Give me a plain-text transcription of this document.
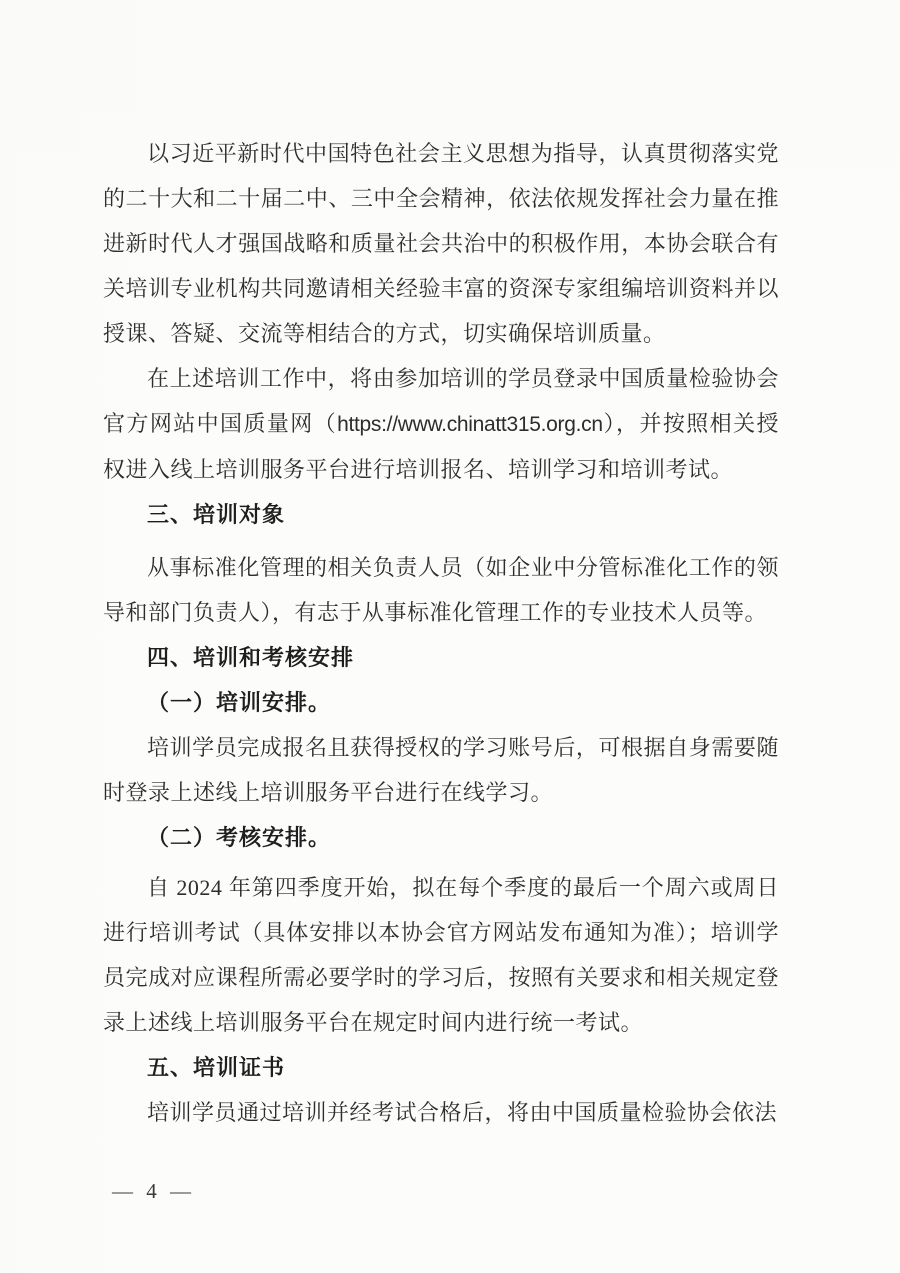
以习近平新时代中国特色社会主义思想为指导，认真贯彻落实党的二十大和二十届二中、三中全会精神，依法依规发挥社会力量在推进新时代人才强国战略和质量社会共治中的积极作用，本协会联合有关培训专业机构共同邀请相关经验丰富的资深专家组编培训资料并以授课、答疑、交流等相结合的方式，切实确保培训质量。

在上述培训工作中，将由参加培训的学员登录中国质量检验协会官方网站中国质量网（https://www.chinatt315.org.cn），并按照相关授权进入线上培训服务平台进行培训报名、培训学习和培训考试。

三、培训对象

从事标准化管理的相关负责人员（如企业中分管标准化工作的领导和部门负责人），有志于从事标准化管理工作的专业技术人员等。

四、培训和考核安排

（一）培训安排。

培训学员完成报名且获得授权的学习账号后，可根据自身需要随时登录上述线上培训服务平台进行在线学习。

（二）考核安排。

自 2024 年第四季度开始，拟在每个季度的最后一个周六或周日进行培训考试（具体安排以本协会官方网站发布通知为准）；培训学员完成对应课程所需必要学时的学习后，按照有关要求和相关规定登录上述线上培训服务平台在规定时间内进行统一考试。

五、培训证书

培训学员通过培训并经考试合格后，将由中国质量检验协会依法

— 4 —
